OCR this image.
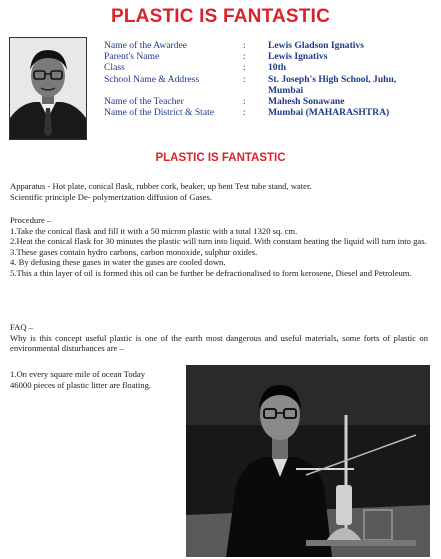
PLASTIC IS FANTASTIC
Name of the Awardee	: Lewis Gladson Ignativs
Parent's Name	: Lewis Ignativs
Class	: 10th
School Name & Address	: St. Joseph's High School, Juhu,
Mumbai
Name of the Teacher	: Mahesh Sonawane
Name of the District & State	: Mumbai (MAHARASHTRA)
PLASTIC IS FANTASTIC

Apparatus - Hot plate, conical flask, rubber cork, beaker, up bent Test tube stand, water.

Scientific principle De- polymerization diffusion of Gases.

Procedure –

1.Take the conical flask and fill it with a 50 micron plastic with a total 1320 sq. cm.

2.Heat the conical flask for 30 minutes the plastic will turn into liquid. With constant heating the liquid will turn into gas.

3.These gases contain hydro carbons, carbon monoxide, sulphur oxides.

4. By defusing these gases in water the gases are cooled down.

5.This a thin layer of oil is formed this oil can be further be defractionalised to form kerosene, Diesel and Petroleum.

FAQ –

Why is this concept useful plastic is one of the earth most dangerous and useful materials, some forts of plastic on environmental disturbances are –

1.On every square mile of ocean Today

46000 pieces of plastic litter are floating.
